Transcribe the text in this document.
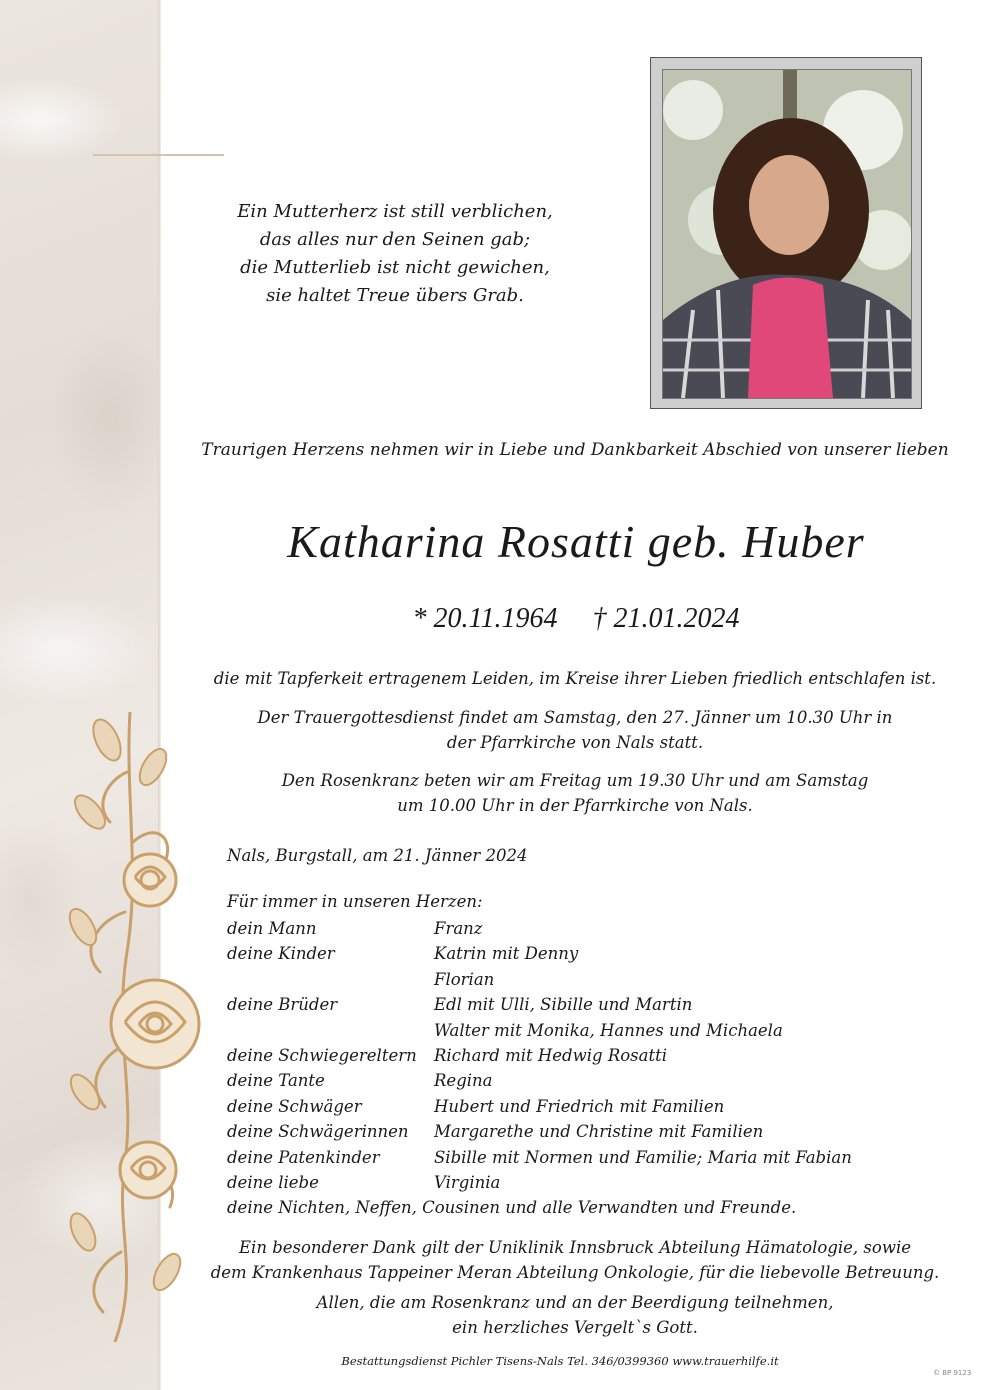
Ein Mutterherz ist still verblichen,
das alles nur den Seinen gab;
die Mutterlieb ist nicht gewichen,
sie haltet Treue übers Grab.
Traurigen Herzens nehmen wir in Liebe und Dankbarkeit Abschied von unserer lieben
Katharina Rosatti geb. Huber
* 20.11.1964 † 21.01.2024
die mit Tapferkeit ertragenem Leiden, im Kreise ihrer Lieben friedlich entschlafen ist.
Der Trauergottesdienst findet am Samstag, den 27. Jänner um 10.30 Uhr in
der Pfarrkirche von Nals statt.
Den Rosenkranz beten wir am Freitag um 19.30 Uhr und am Samstag
um 10.00 Uhr in der Pfarrkirche von Nals.
Nals, Burgstall, am 21. Jänner 2024
Für immer in unseren Herzen:
dein Mann	Franz
deine Kinder	Katrin mit Denny
Florian
deine Brüder	Edl mit Ulli, Sibille und Martin
Walter mit Monika, Hannes und Michaela
deine Schwiegereltern	Richard mit Hedwig Rosatti
deine Tante	Regina
deine Schwäger	Hubert und Friedrich mit Familien
deine Schwägerinnen	Margarethe und Christine mit Familien
deine Patenkinder	Sibille mit Normen und Familie; Maria mit Fabian
deine liebe	Virginia
deine Nichten, Neffen, Cousinen und alle Verwandten und Freunde.
Ein besonderer Dank gilt der Uniklinik Innsbruck Abteilung Hämatologie, sowie
dem Krankenhaus Tappeiner Meran Abteilung Onkologie, für die liebevolle Betreuung.
Allen, die am Rosenkranz und an der Beerdigung teilnehmen,
ein herzliches Vergelt`s Gott.
Bestattungsdienst Pichler Tisens-Nals Tel. 346/0399360 www.trauerhilfe.it
© BP 9123
